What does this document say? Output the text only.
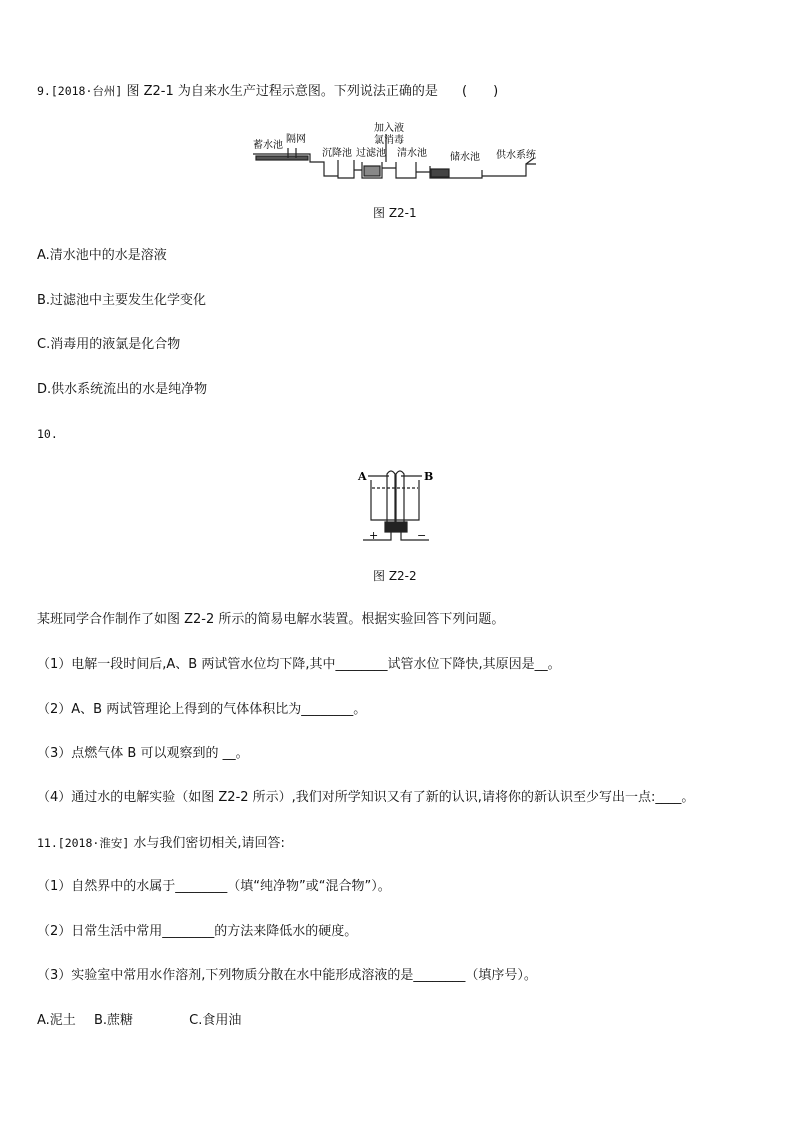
9.[2018·台州] 图 Z2-1 为自来水生产过程示意图。下列说法正确的是 (　　)
蓄水池
隔网
沉降池 过滤池
加入液
氯消毒
清水池 储水池 供水系统
图 Z2-1
A.清水池中的水是溶液
B.过滤池中主要发生化学变化
C.消毒用的液氯是化合物
D.供水系统流出的水是纯净物
10.
A	B
+	−
图 Z2-2
某班同学合作制作了如图 Z2-2 所示的简易电解水装置。根据实验回答下列问题。
（1）电解一段时间后,A、B 两试管水位均下降,其中________试管水位下降快,其原因是__。
（2）A、B 两试管理论上得到的气体体积比为________。
（3）点燃气体 B 可以观察到的 __。
（4）通过水的电解实验（如图 Z2-2 所示）,我们对所学知识又有了新的认识,请将你的新认识至少写出一点:____。
11.[2018·淮安] 水与我们密切相关,请回答:
（1）自然界中的水属于________（填“纯净物”或“混合物”）。
（2）日常生活中常用________的方法来降低水的硬度。
（3）实验室中常用水作溶剂,下列物质分散在水中能形成溶液的是________（填序号）。
A.泥土 B.蔗糖	C.食用油
